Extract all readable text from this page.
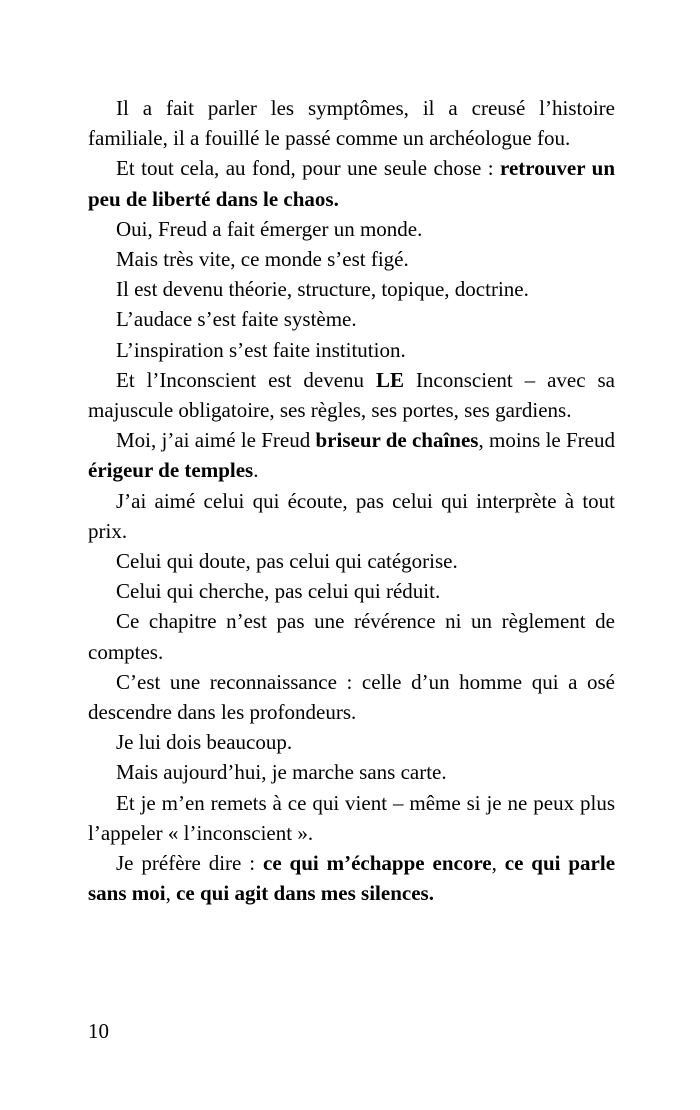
Il a fait parler les symptômes, il a creusé l’histoire familiale, il a fouillé le passé comme un archéologue fou.

Et tout cela, au fond, pour une seule chose : retrouver un peu de liberté dans le chaos.

Oui, Freud a fait émerger un monde.

Mais très vite, ce monde s’est figé.

Il est devenu théorie, structure, topique, doctrine.

L’audace s’est faite système.

L’inspiration s’est faite institution.

Et l’Inconscient est devenu LE Inconscient – avec sa majuscule obligatoire, ses règles, ses portes, ses gardiens.

Moi, j’ai aimé le Freud briseur de chaînes, moins le Freud érigeur de temples.

J’ai aimé celui qui écoute, pas celui qui interprète à tout prix.

Celui qui doute, pas celui qui catégorise.

Celui qui cherche, pas celui qui réduit.

Ce chapitre n’est pas une révérence ni un règlement de comptes.

C’est une reconnaissance : celle d’un homme qui a osé descendre dans les profondeurs.

Je lui dois beaucoup.

Mais aujourd’hui, je marche sans carte.

Et je m’en remets à ce qui vient – même si je ne peux plus l’appeler « l’inconscient ».

Je préfère dire : ce qui m’échappe encore, ce qui parle sans moi, ce qui agit dans mes silences.

10
